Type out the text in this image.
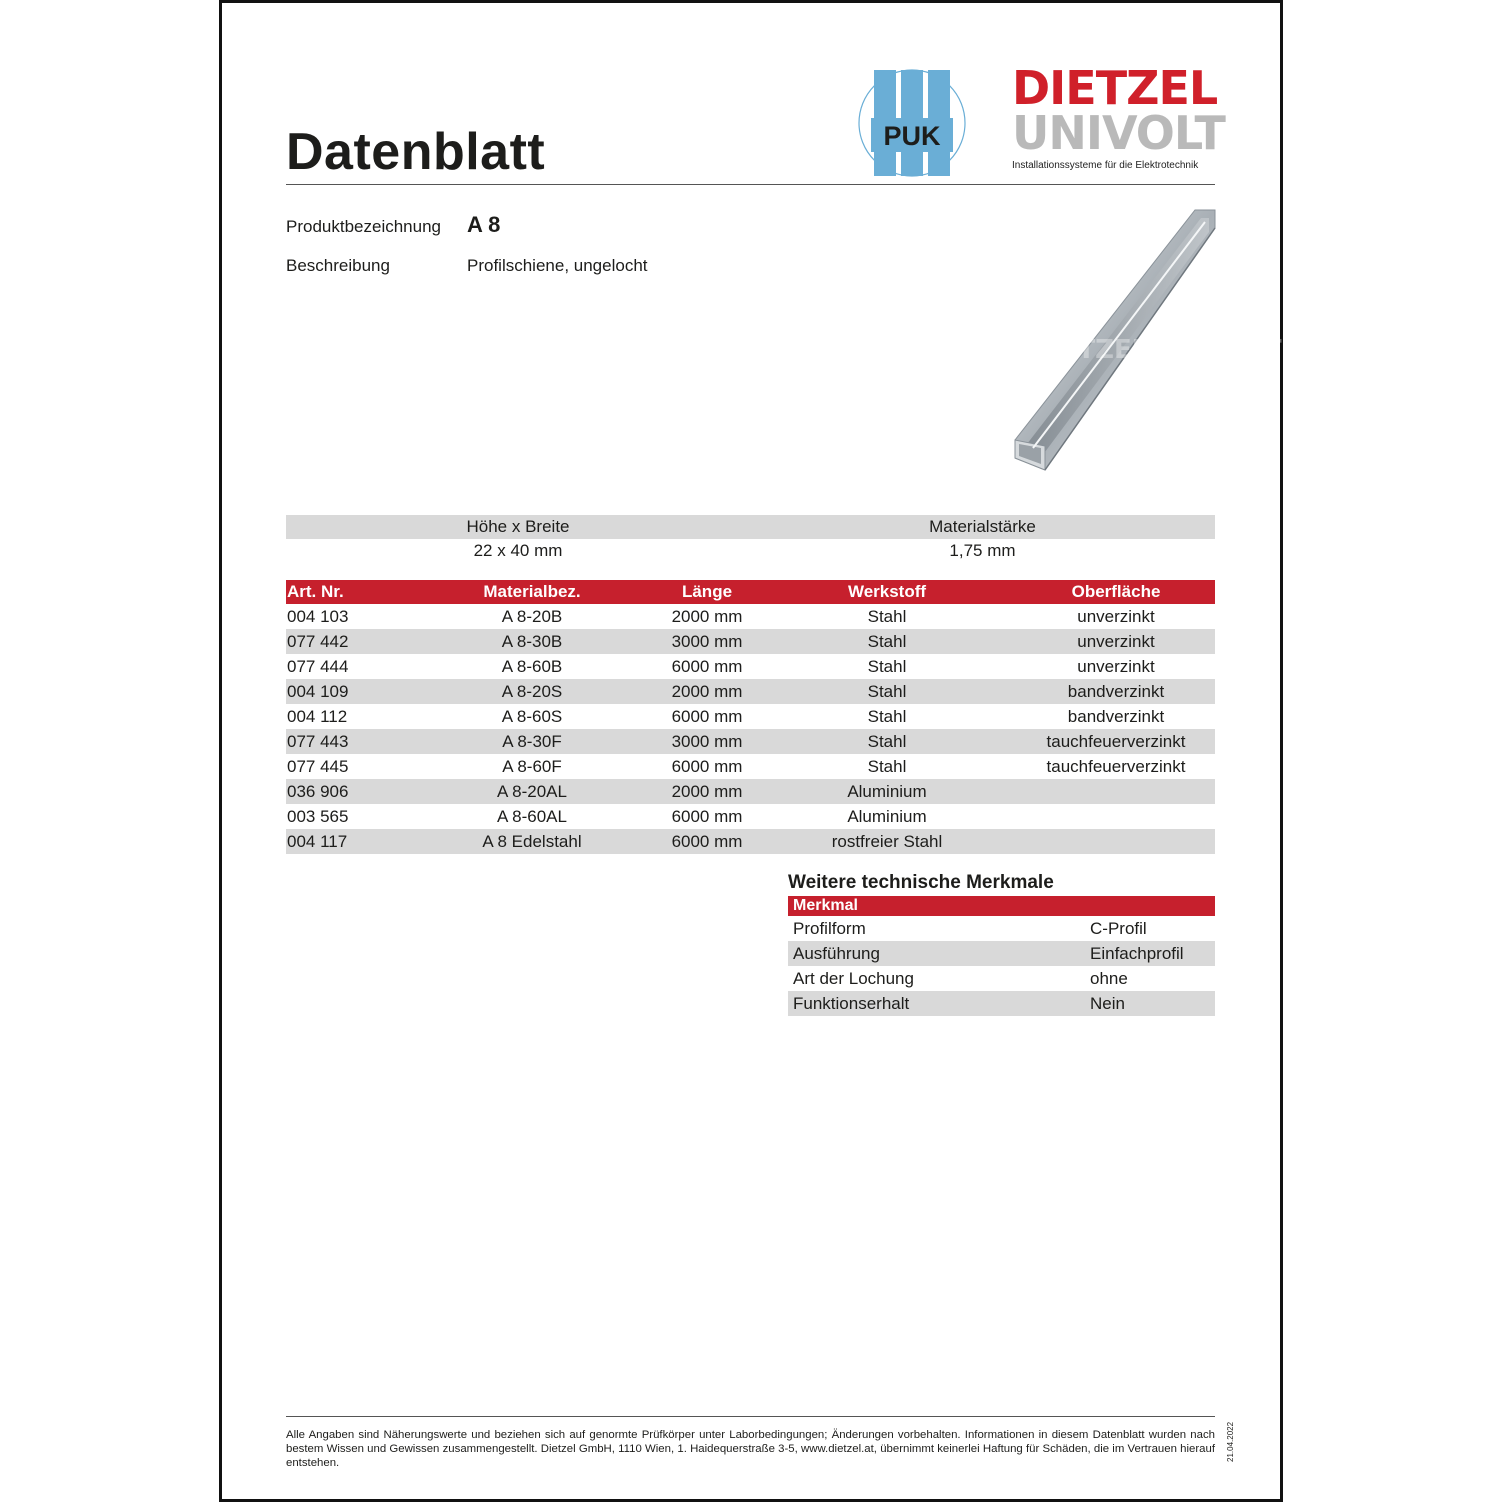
Datenblatt	PUK
DIETZEL
UNIVOLT
Installationssysteme für die Elektrotechnik
Produktbezeichnung A 8
Beschreibung	Profilschiene, ungelocht
DIETZEL UNIVOLT
Höhe x Breite	Materialstärke
22 x 40 mm	1,75 mm
Art. Nr.	Materialbez.	Länge	Werkstoff	Oberfläche
004 103	A 8-20B	2000 mm	Stahl	unverzinkt
077 442	A 8-30B	3000 mm	Stahl	unverzinkt
077 444	A 8-60B	6000 mm	Stahl	unverzinkt
004 109	A 8-20S	2000 mm	Stahl	bandverzinkt
004 112	A 8-60S	6000 mm	Stahl	bandverzinkt
077 443	A 8-30F	3000 mm	Stahl	tauchfeuerverzinkt
077 445	A 8-60F	6000 mm	Stahl	tauchfeuerverzinkt
036 906	A 8-20AL	2000 mm	Aluminium	
003 565	A 8-60AL	6000 mm	Aluminium	
004 117	A 8 Edelstahl	6000 mm	rostfreier Stahl	
Weitere technische Merkmale
Merkmal	
Profilform	C-Profil
Ausführung	Einfachprofil
Art der Lochung	ohne
Funktionserhalt	Nein
Alle Angaben sind Näherungswerte und beziehen sich auf genormte Prüfkörper unter Laborbedingungen; Änderungen vorbehalten. Informationen in diesem Datenblatt wurden nach bestem Wissen und Gewissen zusammengestellt. Dietzel GmbH, 1110 Wien, 1. Haidequerstraße 3-5, www.dietzel.at, übernimmt keinerlei Haftung für Schäden, die im Vertrauen hierauf entstehen.
21.04.2022
